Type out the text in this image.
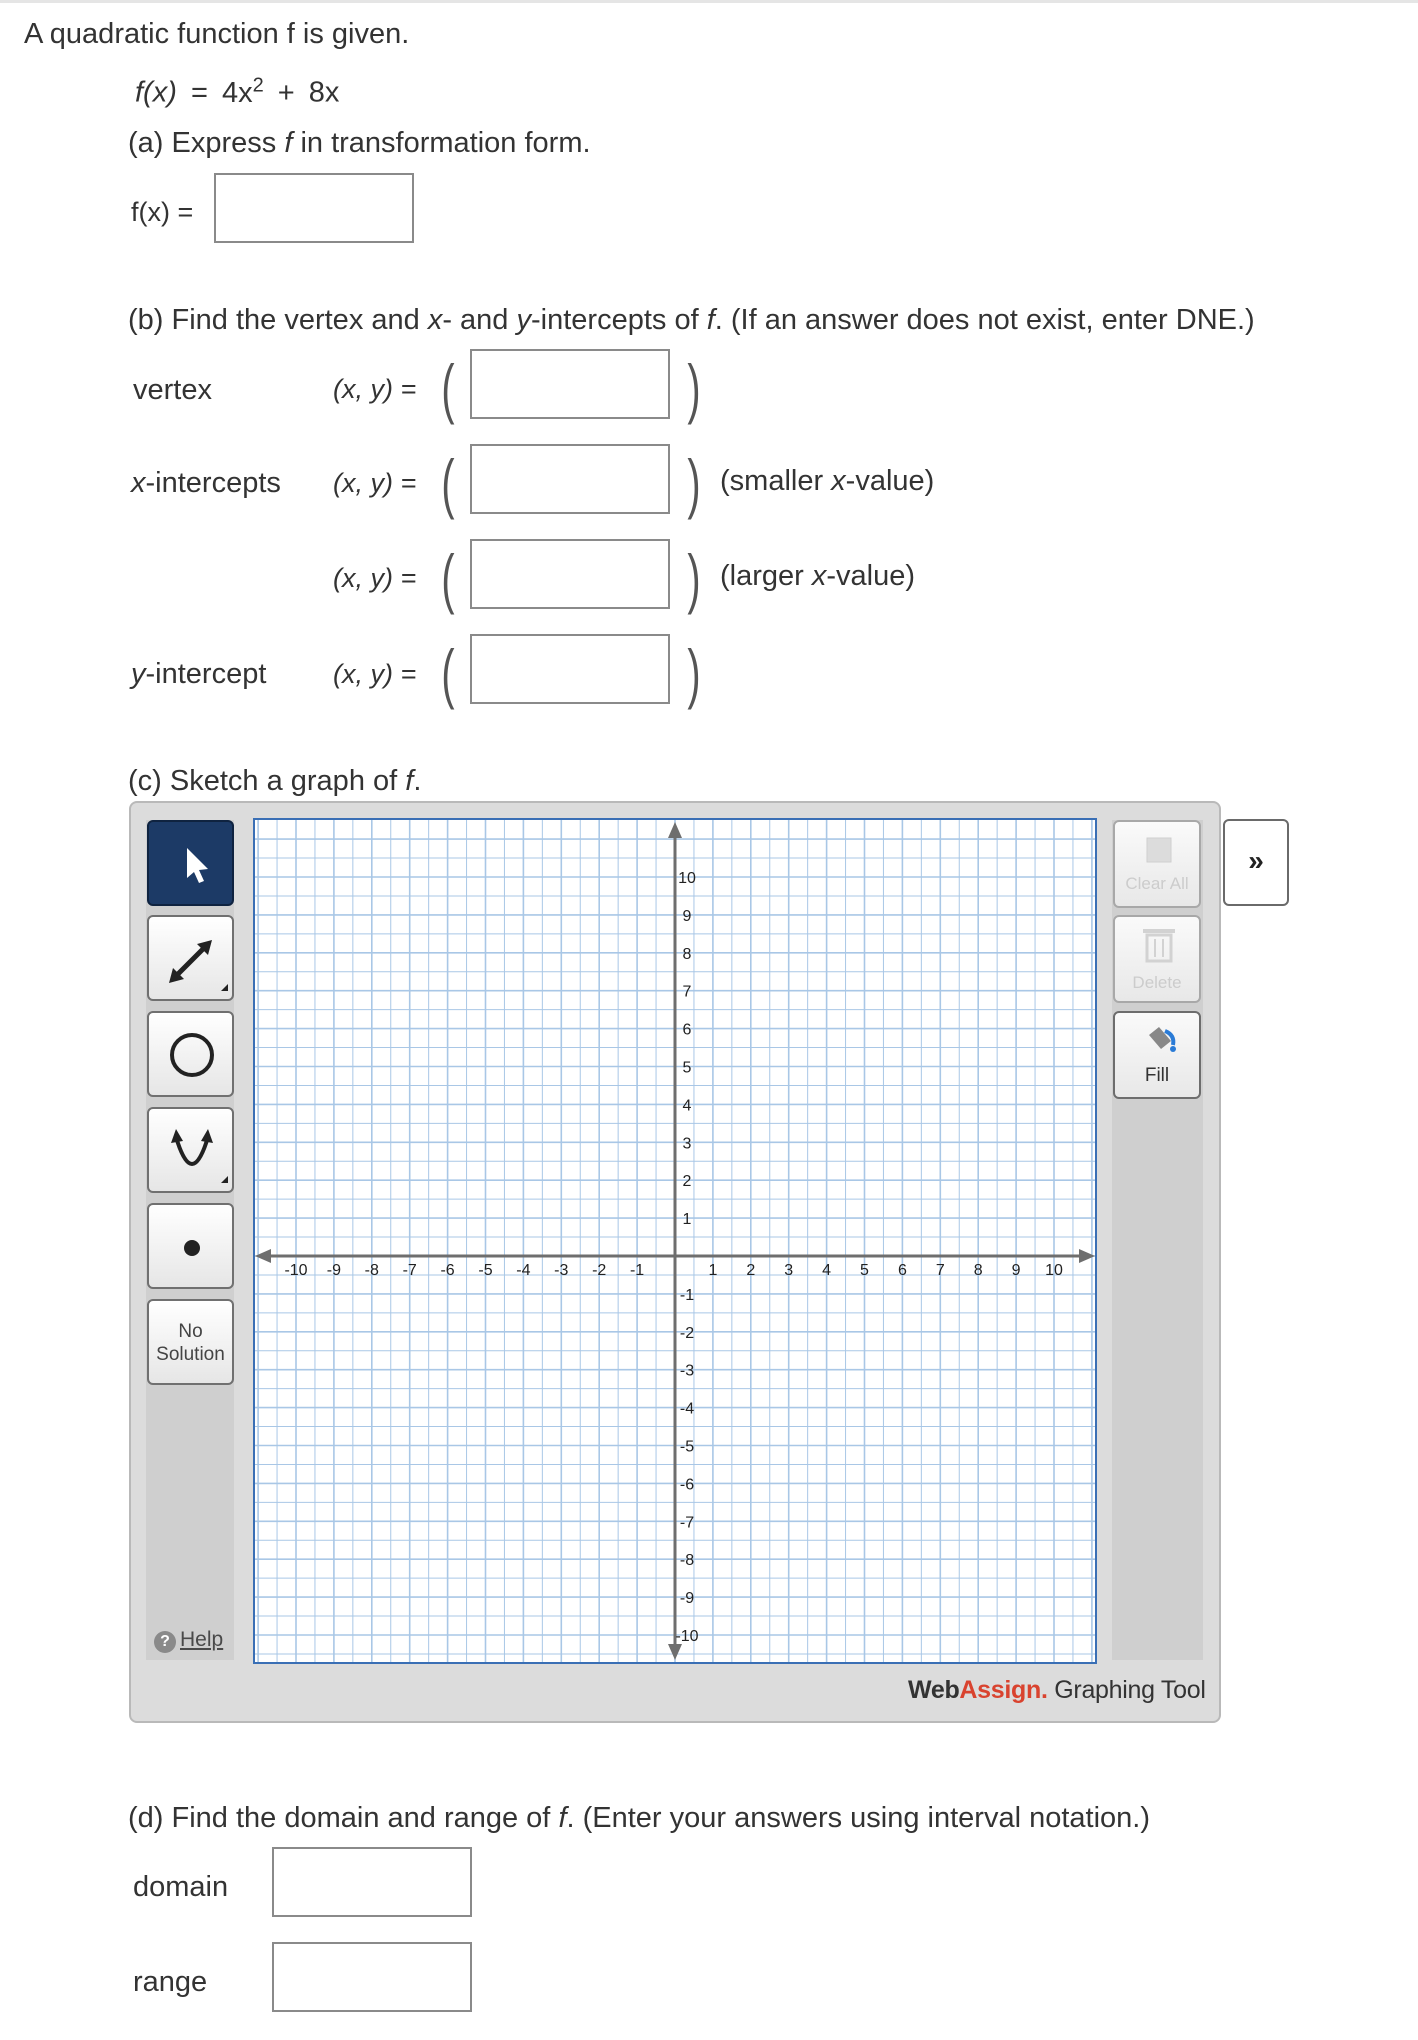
A quadratic function f is given.
$f(x) = 4x^2 + 8x$
(a) Express f in transformation form.
f(x) =
(b) Find the vertex and x- and y-intercepts of f. (If an answer does not exist, enter DNE.)
vertex	(x, y) = (	)
x-intercepts (x, y) = (	) (smaller x-value)
(x, y) = (	) (larger x-value)
y-intercept (x, y) = (	)
(c) Sketch a graph of f.
No
Solution
? Help
Clear All
Delete
Fill
»
-10 -9 -8 -7 -6 -5 -4 -3 -2 -1	1 2 3 4 5 6 7 8 9 10
10
9
8
7
6
5
4
3
2
1
-1
-2
-3
-4
-5
-6
-7
-8
-9
-10
WebAssign. Graphing Tool
(d) Find the domain and range of f. (Enter your answers using interval notation.)
domain
range
